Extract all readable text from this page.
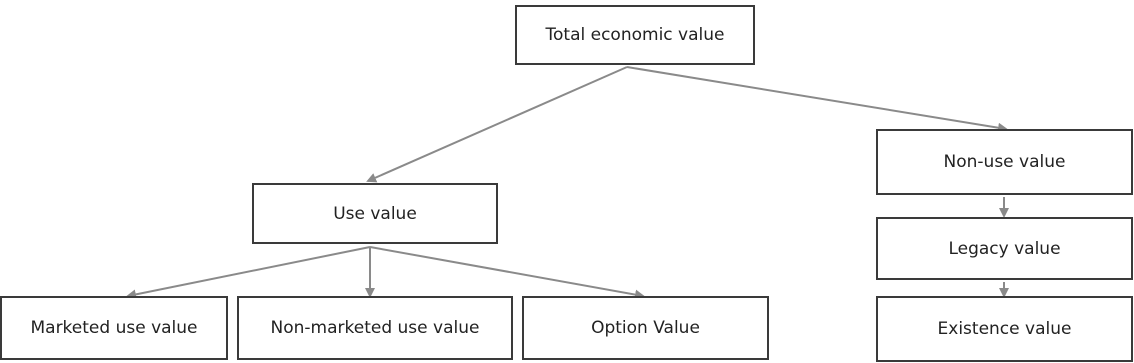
Total economic value
Use value
Marketed use value	Non-marketed use value	Option Value
Non-use value
Legacy value
Existence value
